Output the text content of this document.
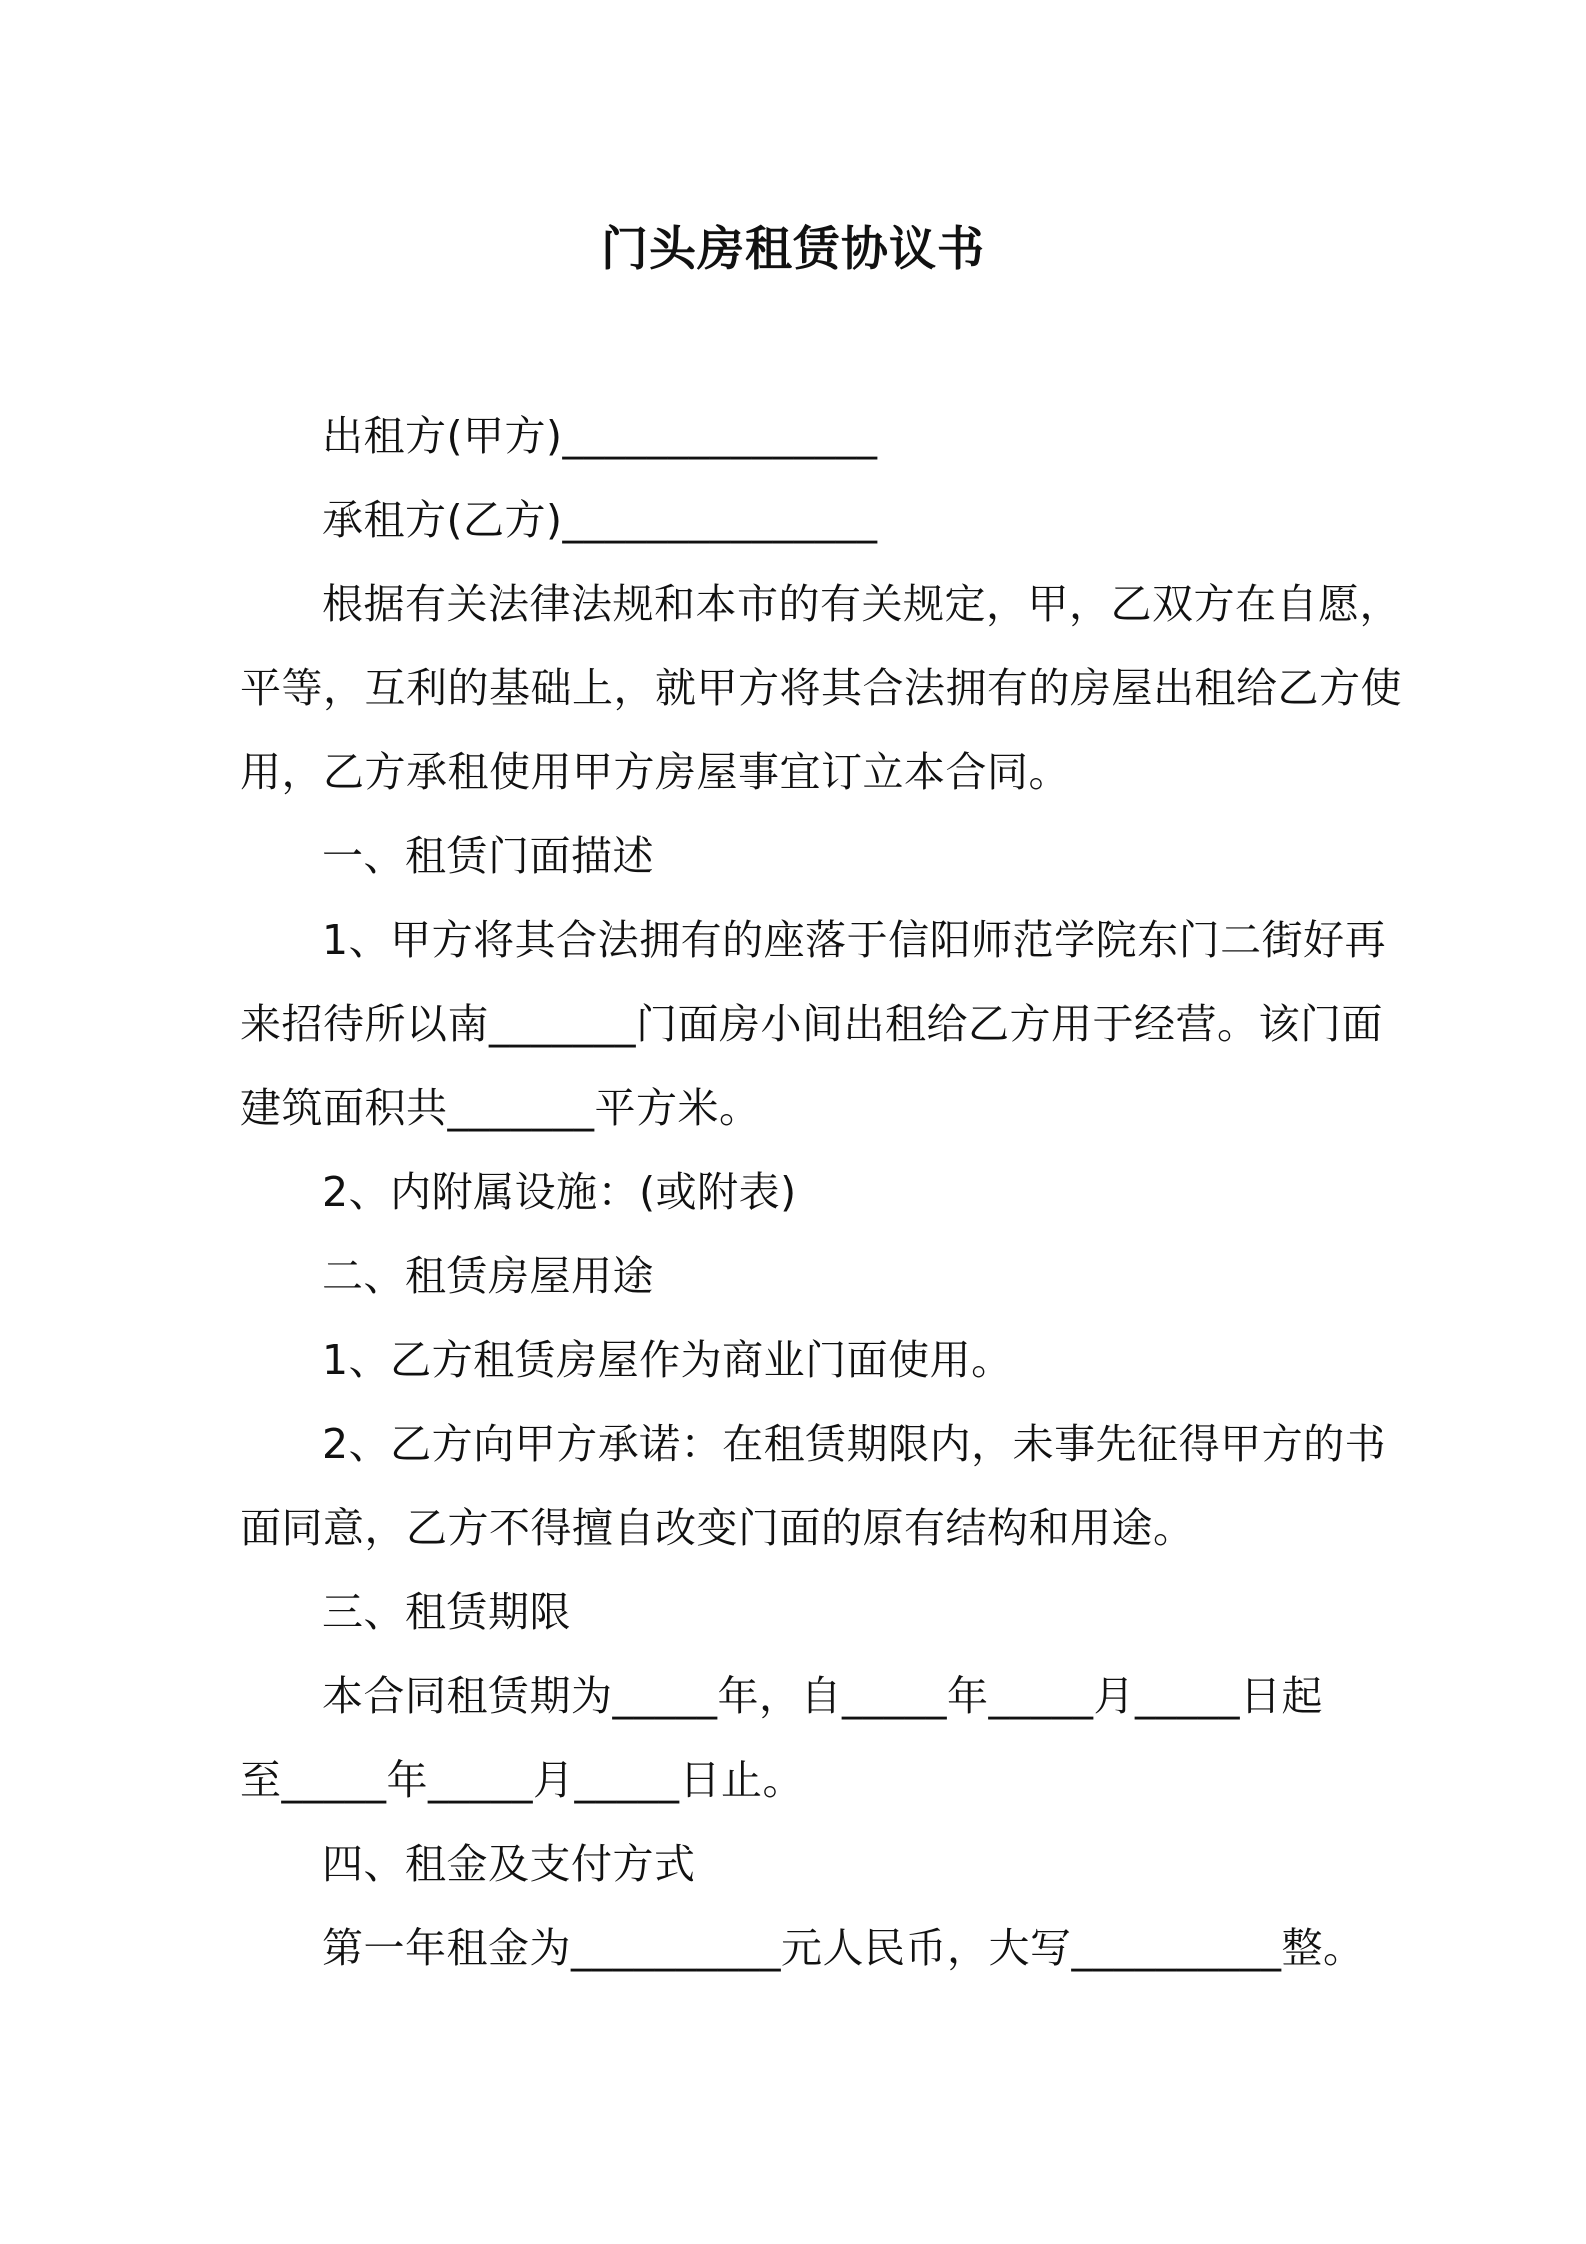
门头房租赁协议书
出租方(甲方)_______________
承租方(乙方)_______________
根据有关法律法规和本市的有关规定，甲，乙双方在自愿，
平等，互利的基础上，就甲方将其合法拥有的房屋出租给乙方使
用，乙方承租使用甲方房屋事宜订立本合同。
一、租赁门面描述
1、甲方将其合法拥有的座落于信阳师范学院东门二街好再
来招待所以南_______门面房小间出租给乙方用于经营。该门面
建筑面积共_______平方米。
2、内附属设施：(或附表)
二、租赁房屋用途
1、乙方租赁房屋作为商业门面使用。
2、乙方向甲方承诺：在租赁期限内，未事先征得甲方的书
面同意，乙方不得擅自改变门面的原有结构和用途。
三、租赁期限
本合同租赁期为_____年，自_____年_____月_____日起
至_____年_____月_____日止。
四、租金及支付方式
第一年租金为__________元人民币，大写__________整。
